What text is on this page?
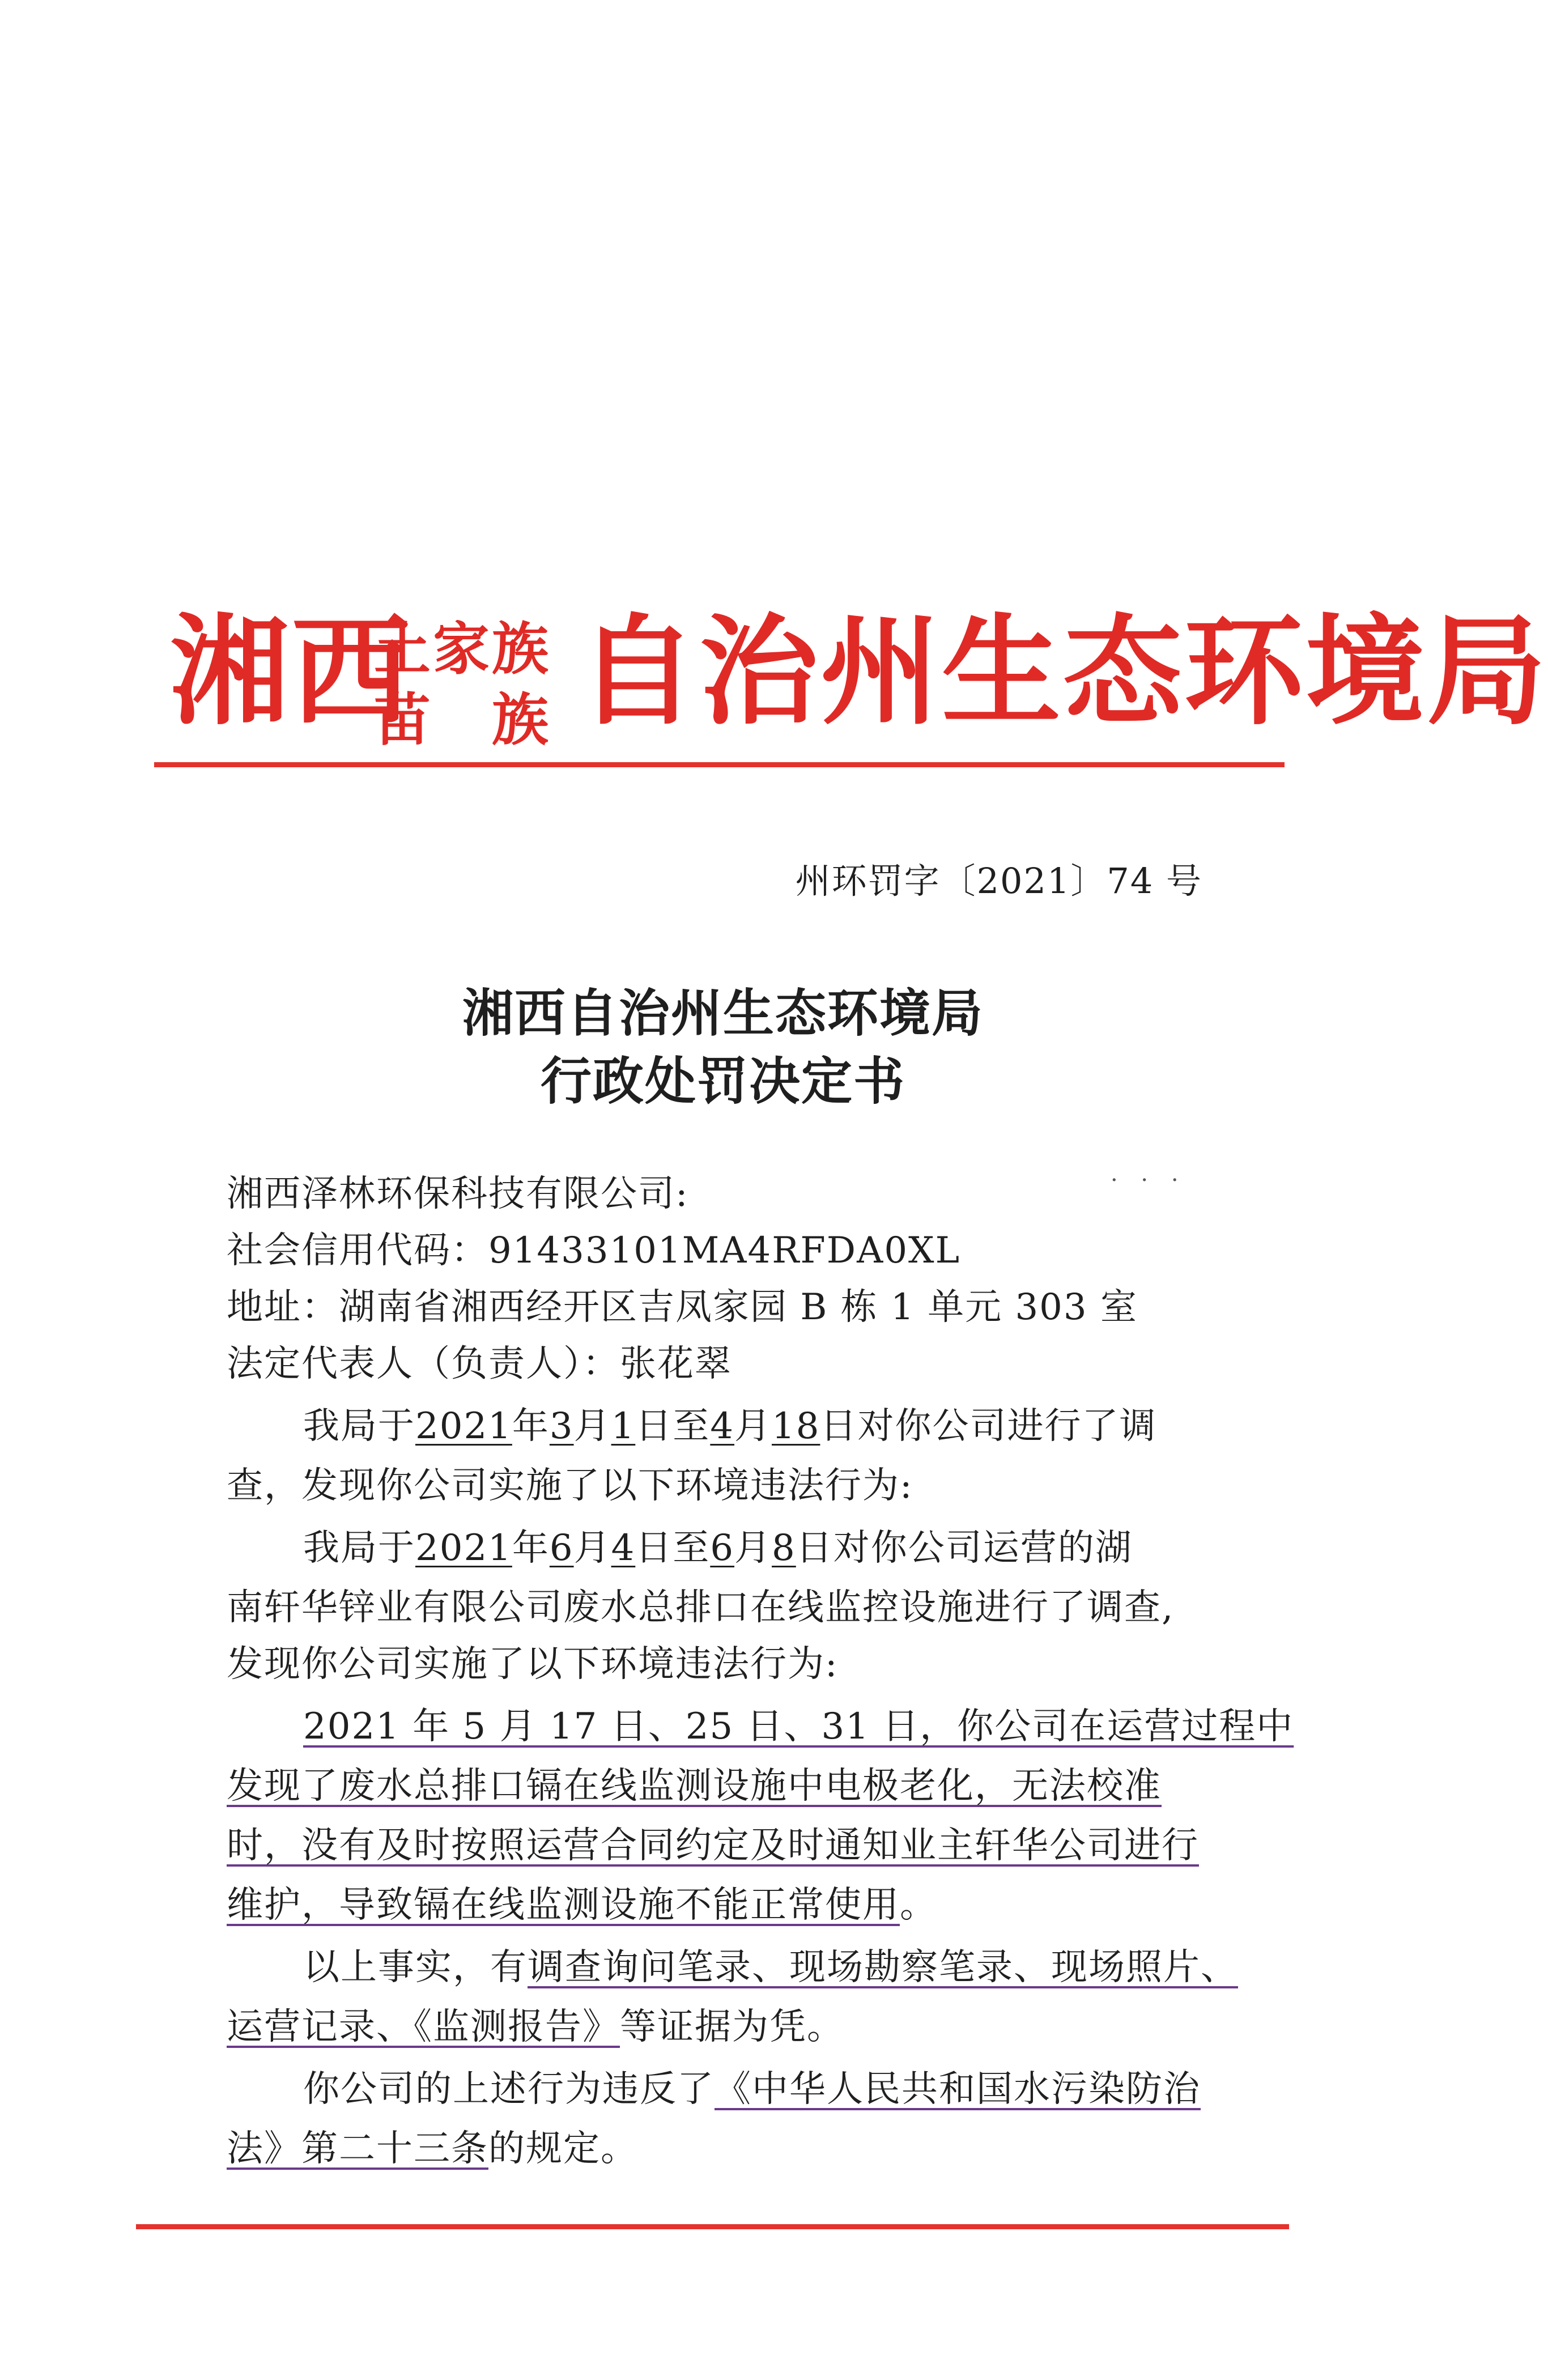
湘西
土家族
苗　族 自治州生态环境局
州环罚字〔2021〕74 号
湘西自治州生态环境局
行政处罚决定书
· · ·
湘西泽林环保科技有限公司:
社会信用代码：91433101MA4RFDA0XL
地址：湖南省湘西经开区吉凤家园 B 栋 1 单元 303 室
法定代表人（负责人）：张花翠
我局于2021年3月1日至4月18日对你公司进行了调
查，发现你公司实施了以下环境违法行为:
我局于2021年6月4日至6月8日对你公司运营的湖
南轩华锌业有限公司废水总排口在线监控设施进行了调查,
发现你公司实施了以下环境违法行为:
2021 年 5 月 17 日、25 日、31 日，你公司在运营过程中
发现了废水总排口镉在线监测设施中电极老化，无法校准
时，没有及时按照运营合同约定及时通知业主轩华公司进行
维护，导致镉在线监测设施不能正常使用。
以上事实，有调查询问笔录、现场勘察笔录、现场照片、
运营记录、《监测报告》等证据为凭。
你公司的上述行为违反了《中华人民共和国水污染防治
法》第二十三条的规定。
